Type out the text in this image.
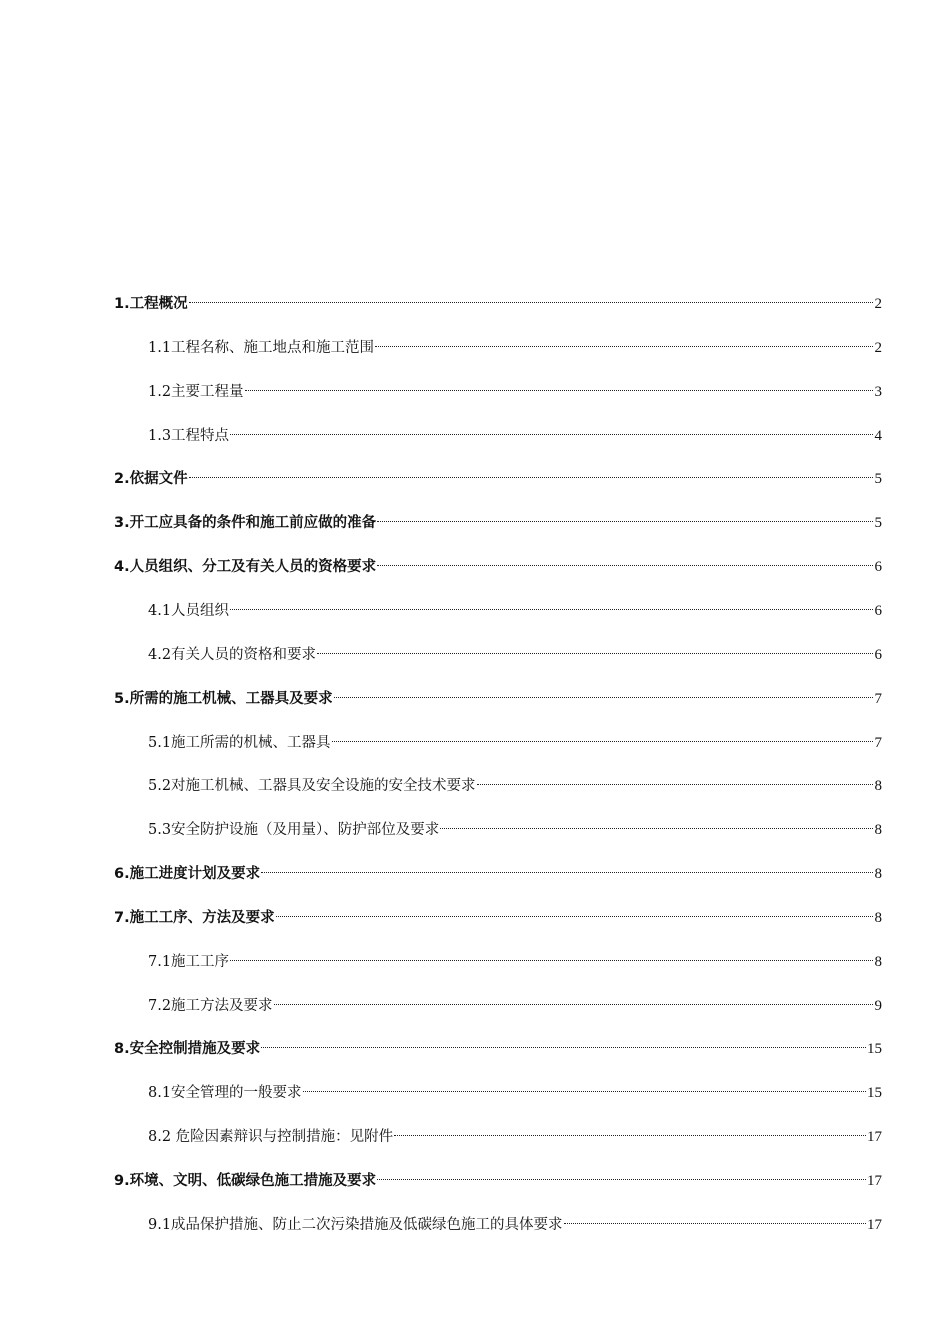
1.工程概况	2
1.1工程名称、施工地点和施工范围	2
1.2主要工程量	3
1.3工程特点	4
2.依据文件	5
3.开工应具备的条件和施工前应做的准备	5
4.人员组织、分工及有关人员的资格要求	6
4.1人员组织	6
4.2有关人员的资格和要求	6
5.所需的施工机械、工器具及要求	7
5.1施工所需的机械、工器具	7
5.2对施工机械、工器具及安全设施的安全技术要求	8
5.3安全防护设施（及用量）、防护部位及要求	8
6.施工进度计划及要求	8
7.施工工序、方法及要求	8
7.1施工工序	8
7.2施工方法及要求	9
8.安全控制措施及要求	15
8.1安全管理的一般要求	15
8.2 危险因素辩识与控制措施：见附件	17
9.环境、文明、低碳绿色施工措施及要求	17
9.1成品保护措施、防止二次污染措施及低碳绿色施工的具体要求	17
